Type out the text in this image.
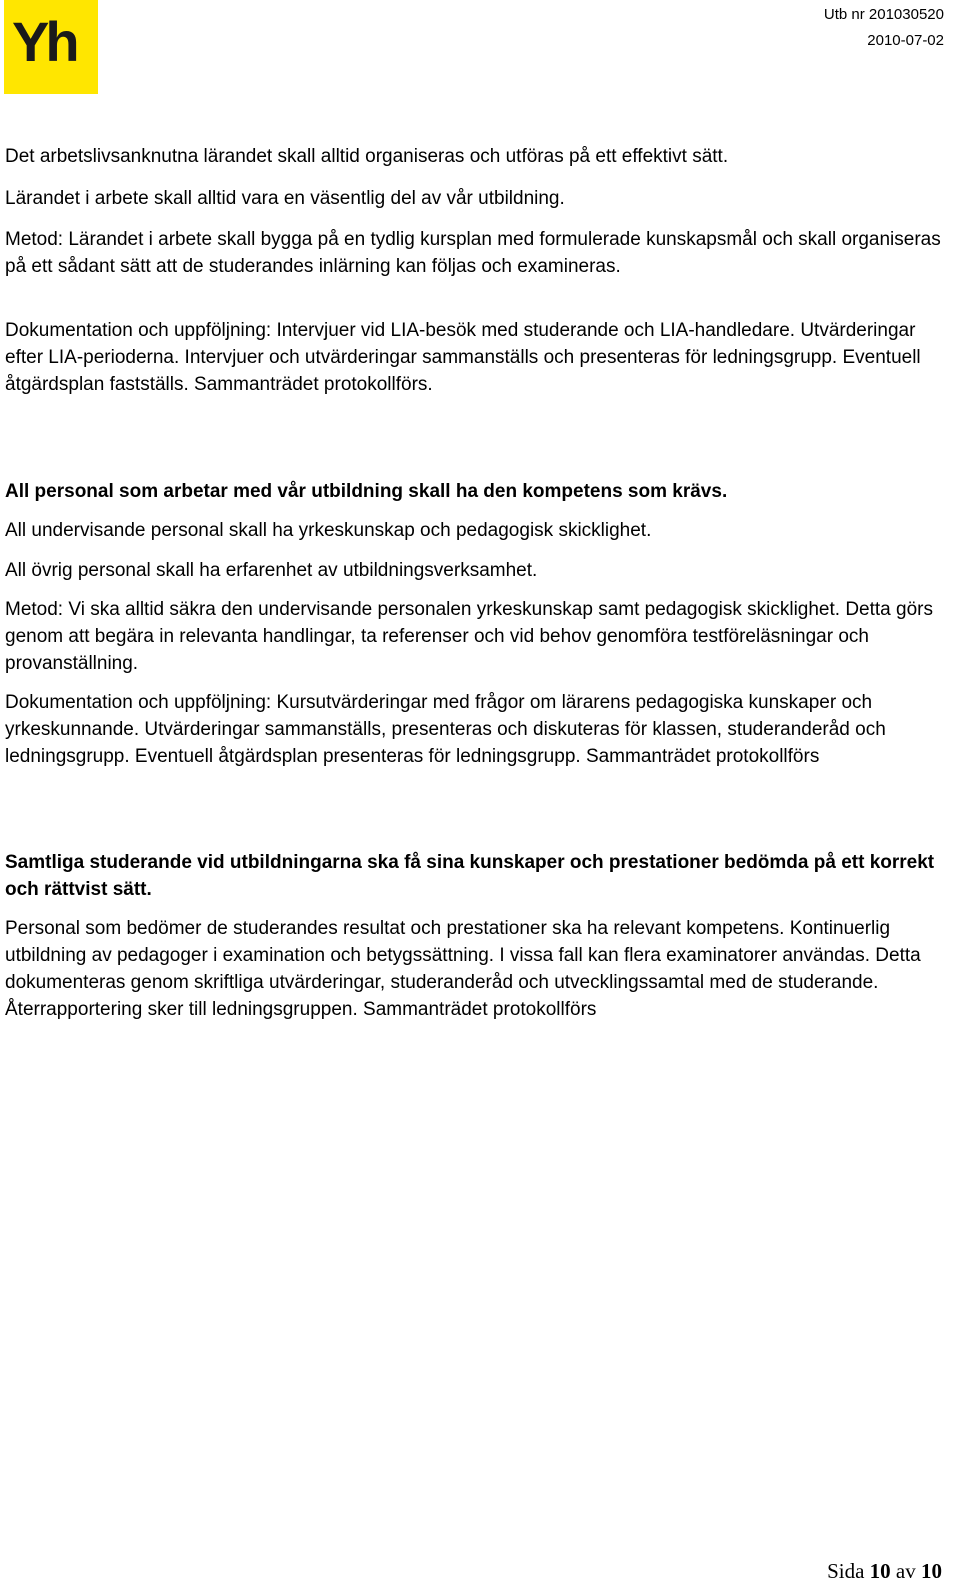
Yh	Utb nr 201030520
2010-07-02

Det arbetslivsanknutna lärandet skall alltid organiseras och utföras på ett effektivt sätt.

Lärandet i arbete skall alltid vara en väsentlig del av vår utbildning.

Metod: Lärandet i arbete skall bygga på en tydlig kursplan med formulerade kunskapsmål och skall organiseras på ett sådant sätt att de studerandes inlärning kan följas och examineras.

Dokumentation och uppföljning: Intervjuer vid LIA-besök med studerande och LIA-handledare. Utvärderingar efter LIA-perioderna. Intervjuer och utvärderingar sammanställs och presenteras för ledningsgrupp. Eventuell åtgärdsplan fastställs. Sammanträdet protokollförs.

All personal som arbetar med vår utbildning skall ha den kompetens som krävs.

All undervisande personal skall ha yrkeskunskap och pedagogisk skicklighet.

All övrig personal skall ha erfarenhet av utbildningsverksamhet.

Metod: Vi ska alltid säkra den undervisande personalen yrkeskunskap samt pedagogisk skicklighet. Detta görs genom att begära in relevanta handlingar, ta referenser och vid behov genomföra testföreläsningar och provanställning.

Dokumentation och uppföljning: Kursutvärderingar med frågor om lärarens pedagogiska kunskaper och yrkeskunnande. Utvärderingar sammanställs, presenteras och diskuteras för klassen, studeranderåd och ledningsgrupp. Eventuell åtgärdsplan presenteras för ledningsgrupp. Sammanträdet protokollförs

Samtliga studerande vid utbildningarna ska få sina kunskaper och prestationer bedömda på ett korrekt och rättvist sätt.

Personal som bedömer de studerandes resultat och prestationer ska ha relevant kompetens. Kontinuerlig utbildning av pedagoger i examination och betygssättning. I vissa fall kan flera examinatorer användas. Detta dokumenteras genom skriftliga utvärderingar, studeranderåd och utvecklingssamtal med de studerande. Återrapportering sker till ledningsgruppen. Sammanträdet protokollförs

Sida 10 av 10
